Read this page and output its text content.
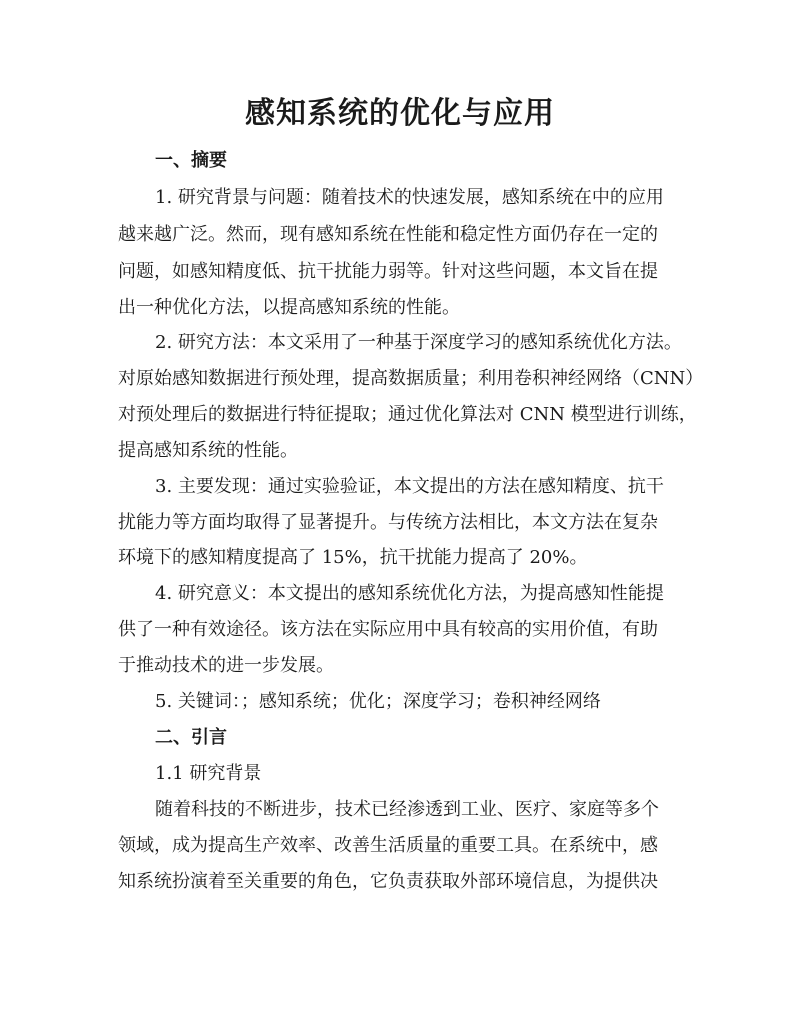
感知系统的优化与应用
一、摘要
1. 研究背景与问题：随着技术的快速发展，感知系统在中的应用
越来越广泛。然而，现有感知系统在性能和稳定性方面仍存在一定的
问题，如感知精度低、抗干扰能力弱等。针对这些问题，本文旨在提
出一种优化方法，以提高感知系统的性能。
2. 研究方法：本文采用了一种基于深度学习的感知系统优化方法。
对原始感知数据进行预处理，提高数据质量；利用卷积神经网络（CNN）
对预处理后的数据进行特征提取；通过优化算法对 CNN 模型进行训练，
提高感知系统的性能。
3. 主要发现：通过实验验证，本文提出的方法在感知精度、抗干
扰能力等方面均取得了显著提升。与传统方法相比，本文方法在复杂
环境下的感知精度提高了 15%，抗干扰能力提高了 20%。
4. 研究意义：本文提出的感知系统优化方法，为提高感知性能提
供了一种有效途径。该方法在实际应用中具有较高的实用价值，有助
于推动技术的进一步发展。
5. 关键词：；感知系统；优化；深度学习；卷积神经网络
二、引言
1.1 研究背景
随着科技的不断进步，技术已经渗透到工业、医疗、家庭等多个
领域，成为提高生产效率、改善生活质量的重要工具。在系统中，感
知系统扮演着至关重要的角色，它负责获取外部环境信息，为提供决
